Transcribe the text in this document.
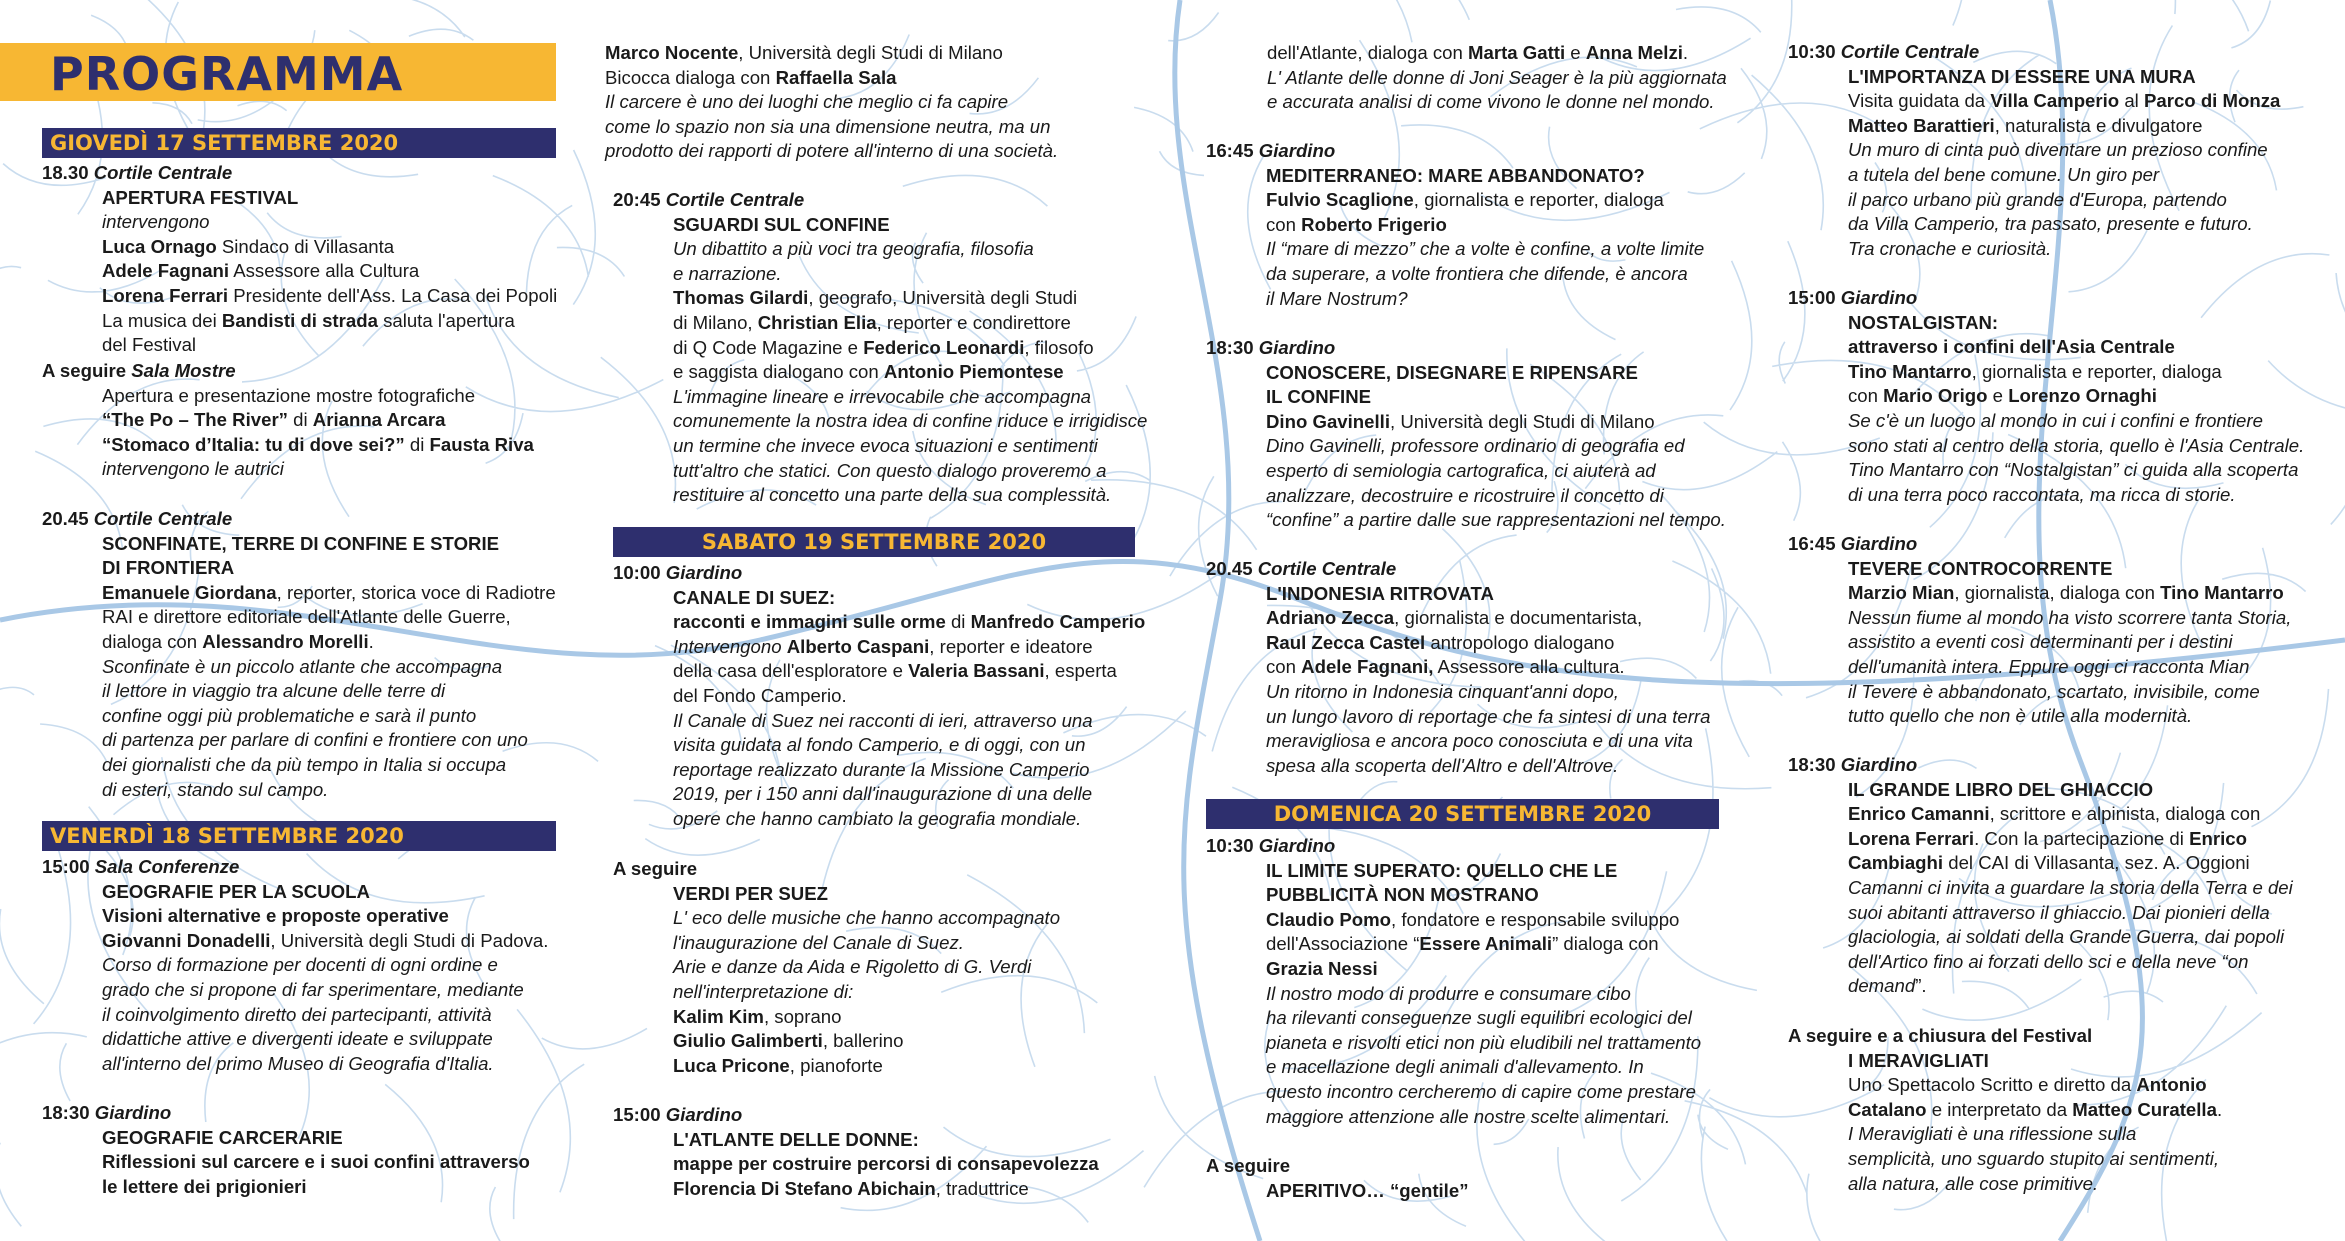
PROGRAMMA
GIOVEDÌ 17 SETTEMBRE 2020
18.30 Cortile Centrale
APERTURA FESTIVAL
intervengono
Luca Ornago Sindaco di Villasanta
Adele Fagnani Assessore alla Cultura
Lorena Ferrari Presidente dell'Ass. La Casa dei Popoli
La musica dei Bandisti di strada saluta l'apertura
del Festival
A seguire Sala Mostre
Apertura e presentazione mostre fotografiche
“The Po – The River” di Arianna Arcara
“Stomaco d’Italia: tu di dove sei?” di Fausta Riva
intervengono le autrici
20.45 Cortile Centrale
SCONFINATE, TERRE DI CONFINE E STORIE
DI FRONTIERA
Emanuele Giordana, reporter, storica voce di Radiotre
RAI e direttore editoriale dell'Atlante delle Guerre,
dialoga con Alessandro Morelli.
Sconfinate è un piccolo atlante che accompagna
il lettore in viaggio tra alcune delle terre di
confine oggi più problematiche e sarà il punto
di partenza per parlare di confini e frontiere con uno
dei giornalisti che da più tempo in Italia si occupa
di esteri, stando sul campo.
VENERDÌ 18 SETTEMBRE 2020
15:00 Sala Conferenze
GEOGRAFIE PER LA SCUOLA
Visioni alternative e proposte operative
Giovanni Donadelli, Università degli Studi di Padova.
Corso di formazione per docenti di ogni ordine e
grado che si propone di far sperimentare, mediante
il coinvolgimento diretto dei partecipanti, attività
didattiche attive e divergenti ideate e sviluppate
all'interno del primo Museo di Geografia d'Italia.
18:30 Giardino
GEOGRAFIE CARCERARIE
Riflessioni sul carcere e i suoi confini attraverso
le lettere dei prigionieri
Marco Nocente, Università degli Studi di Milano
Bicocca dialoga con Raffaella Sala
Il carcere è uno dei luoghi che meglio ci fa capire
come lo spazio non sia una dimensione neutra, ma un
prodotto dei rapporti di potere all'interno di una società.
20:45 Cortile Centrale
SGUARDI SUL CONFINE
Un dibattito a più voci tra geografia, filosofia
e narrazione.
Thomas Gilardi, geografo, Università degli Studi
di Milano, Christian Elia, reporter e condirettore
di Q Code Magazine e Federico Leonardi, filosofo
e saggista dialogano con Antonio Piemontese
L'immagine lineare e irrevocabile che accompagna
comunemente la nostra idea di confine riduce e irrigidisce
un termine che invece evoca situazioni e sentimenti
tutt'altro che statici. Con questo dialogo proveremo a
restituire al concetto una parte della sua complessità.
SABATO 19 SETTEMBRE 2020
10:00 Giardino
CANALE DI SUEZ:
racconti e immagini sulle orme di Manfredo Camperio
Intervengono Alberto Caspani, reporter e ideatore
della casa dell'esploratore e Valeria Bassani, esperta
del Fondo Camperio.
Il Canale di Suez nei racconti di ieri, attraverso una
visita guidata al fondo Camperio, e di oggi, con un
reportage realizzato durante la Missione Camperio
2019, per i 150 anni dall'inaugurazione di una delle
opere che hanno cambiato la geografia mondiale.
A seguire
VERDI PER SUEZ
L' eco delle musiche che hanno accompagnato
l'inaugurazione del Canale di Suez.
Arie e danze da Aida e Rigoletto di G. Verdi
nell'interpretazione di:
Kalim Kim, soprano
Giulio Galimberti, ballerino
Luca Pricone, pianoforte
15:00 Giardino
L'ATLANTE DELLE DONNE:
mappe per costruire percorsi di consapevolezza
Florencia Di Stefano Abichain, traduttrice
dell'Atlante, dialoga con Marta Gatti e Anna Melzi.
L' Atlante delle donne di Joni Seager è la più aggiornata
e accurata analisi di come vivono le donne nel mondo.
16:45 Giardino
MEDITERRANEO: MARE ABBANDONATO?
Fulvio Scaglione, giornalista e reporter, dialoga
con Roberto Frigerio
Il “mare di mezzo” che a volte è confine, a volte limite
da superare, a volte frontiera che difende, è ancora
il Mare Nostrum?
18:30 Giardino
CONOSCERE, DISEGNARE E RIPENSARE
IL CONFINE
Dino Gavinelli, Università degli Studi di Milano
Dino Gavinelli, professore ordinario di geografia ed
esperto di semiologia cartografica, ci aiuterà ad
analizzare, decostruire e ricostruire il concetto di
“confine” a partire dalle sue rappresentazioni nel tempo.
20.45 Cortile Centrale
L'INDONESIA RITROVATA
Adriano Zecca, giornalista e documentarista,
Raul Zecca Castel antropologo dialogano
con Adele Fagnani, Assessore alla cultura.
Un ritorno in Indonesia cinquant'anni dopo,
un lungo lavoro di reportage che fa sintesi di una terra
meravigliosa e ancora poco conosciuta e di una vita
spesa alla scoperta dell'Altro e dell'Altrove.
DOMENICA 20 SETTEMBRE 2020
10:30 Giardino
IL LIMITE SUPERATO: QUELLO CHE LE
PUBBLICITÀ NON MOSTRANO
Claudio Pomo, fondatore e responsabile sviluppo
dell'Associazione “Essere Animali” dialoga con
Grazia Nessi
Il nostro modo di produrre e consumare cibo
ha rilevanti conseguenze sugli equilibri ecologici del
pianeta e risvolti etici non più eludibili nel trattamento
e macellazione degli animali d'allevamento. In
questo incontro cercheremo di capire come prestare
maggiore attenzione alle nostre scelte alimentari.
A seguire
APERITIVO… “gentile”
10:30 Cortile Centrale
L'IMPORTANZA DI ESSERE UNA MURA
Visita guidata da Villa Camperio al Parco di Monza
Matteo Barattieri, naturalista e divulgatore
Un muro di cinta può diventare un prezioso confine
a tutela del bene comune. Un giro per
il parco urbano più grande d'Europa, partendo
da Villa Camperio, tra passato, presente e futuro.
Tra cronache e curiosità.
15:00 Giardino
NOSTALGISTAN:
attraverso i confini dell'Asia Centrale
Tino Mantarro, giornalista e reporter, dialoga
con Mario Origo e Lorenzo Ornaghi
Se c'è un luogo al mondo in cui i confini e frontiere
sono stati al centro della storia, quello è l'Asia Centrale.
Tino Mantarro con “Nostalgistan” ci guida alla scoperta
di una terra poco raccontata, ma ricca di storie.
16:45 Giardino
TEVERE CONTROCORRENTE
Marzio Mian, giornalista, dialoga con Tino Mantarro
Nessun fiume al mondo ha visto scorrere tanta Storia,
assistito a eventi così determinanti per i destini
dell'umanità intera. Eppure oggi ci racconta Mian
il Tevere è abbandonato, scartato, invisibile, come
tutto quello che non è utile alla modernità.
18:30 Giardino
IL GRANDE LIBRO DEL GHIACCIO
Enrico Camanni, scrittore e alpinista, dialoga con
Lorena Ferrari. Con la partecipazione di Enrico
Cambiaghi del CAI di Villasanta, sez. A. Oggioni
Camanni ci invita a guardare la storia della Terra e dei
suoi abitanti attraverso il ghiaccio. Dai pionieri della
glaciologia, ai soldati della Grande Guerra, dai popoli
dell'Artico fino ai forzati dello sci e della neve “on
demand”.
A seguire e a chiusura del Festival
I MERAVIGLIATI
Uno Spettacolo Scritto e diretto da Antonio
Catalano e interpretato da Matteo Curatella.
I Meravigliati è una riflessione sulla
semplicità, uno sguardo stupito ai sentimenti,
alla natura, alle cose primitive.
